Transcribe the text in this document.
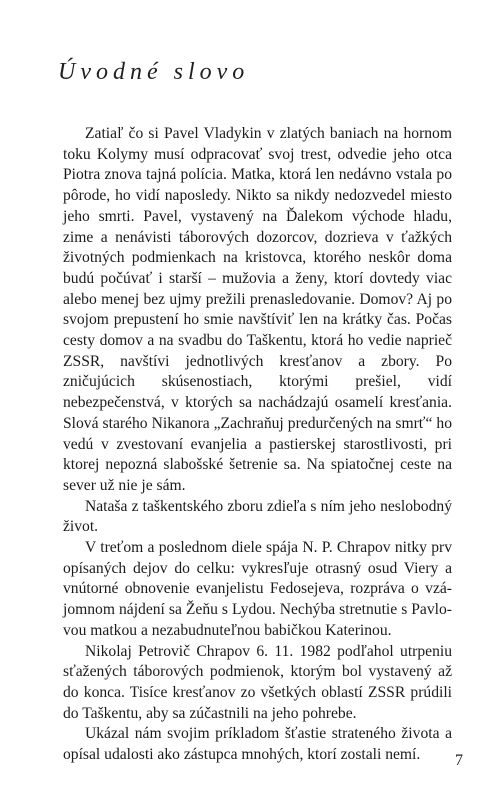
Úvodné slovo

Zatiaľ čo si Pavel Vladykin v zlatých baniach na hornom toku Kolymy musí odpracovať svoj trest, odvedie jeho otca Piotra znova tajná polícia. Matka, ktorá len nedávno vstala po pôrode, ho vidí naposledy. Nikto sa nikdy nedozvedel miesto jeho smrti. Pavel, vystavený na Ďalekom východe hladu, zime a nenávisti táborových dozorcov, dozrieva v ťažkých životných podmienkach na kristovca, ktorého neskôr doma budú počúvať i starší – mužovia a ženy, ktorí dovtedy viac alebo menej bez ujmy prežili prenasledovanie. Domov? Aj po svojom prepustení ho smie navštíviť len na krátky čas. Počas cesty domov a na svadbu do Taškentu, ktorá ho vedie naprieč ZSSR, navštívi jednotlivých kresťanov a zbory. Po zničujúcich skúsenostiach, ktorými prešiel, vidí nebezpečenstvá, v ktorých sa nachádzajú osamelí kresťania. Slová starého Nikanora „Zachraňuj predurčených na smrť“ ho vedú v zvestovaní evanjelia a pastierskej starostlivosti, pri ktorej nepozná slabošské šetrenie sa. Na spiatočnej ceste na sever už nie je sám.

Nataša z taškentského zboru zdieľa s ním jeho neslobodný život.

V treťom a poslednom diele spája N. P. Chrapov nitky prv opísaných dejov do celku: vykresľuje otrasný osud Viery a vnútorné obnovenie evanjelistu Fedosejeva, rozpráva o vzájomnom nájdení sa Žeňu s Lydou. Nechýba stretnutie s Pavlovou matkou a nezabudnuteľnou babičkou Katerinou.

Nikolaj Petrovič Chrapov 6. 11. 1982 podľahol utrpeniu sťažených táborových podmienok, ktorým bol vystavený až do konca. Tisíce kresťanov zo všetkých oblastí ZSSR prúdili do Taškentu, aby sa zúčastnili na jeho pohrebe.

Ukázal nám svojim príkladom šťastie strateného života a opísal udalosti ako zástupca mnohých, ktorí zostali nemí.	7
